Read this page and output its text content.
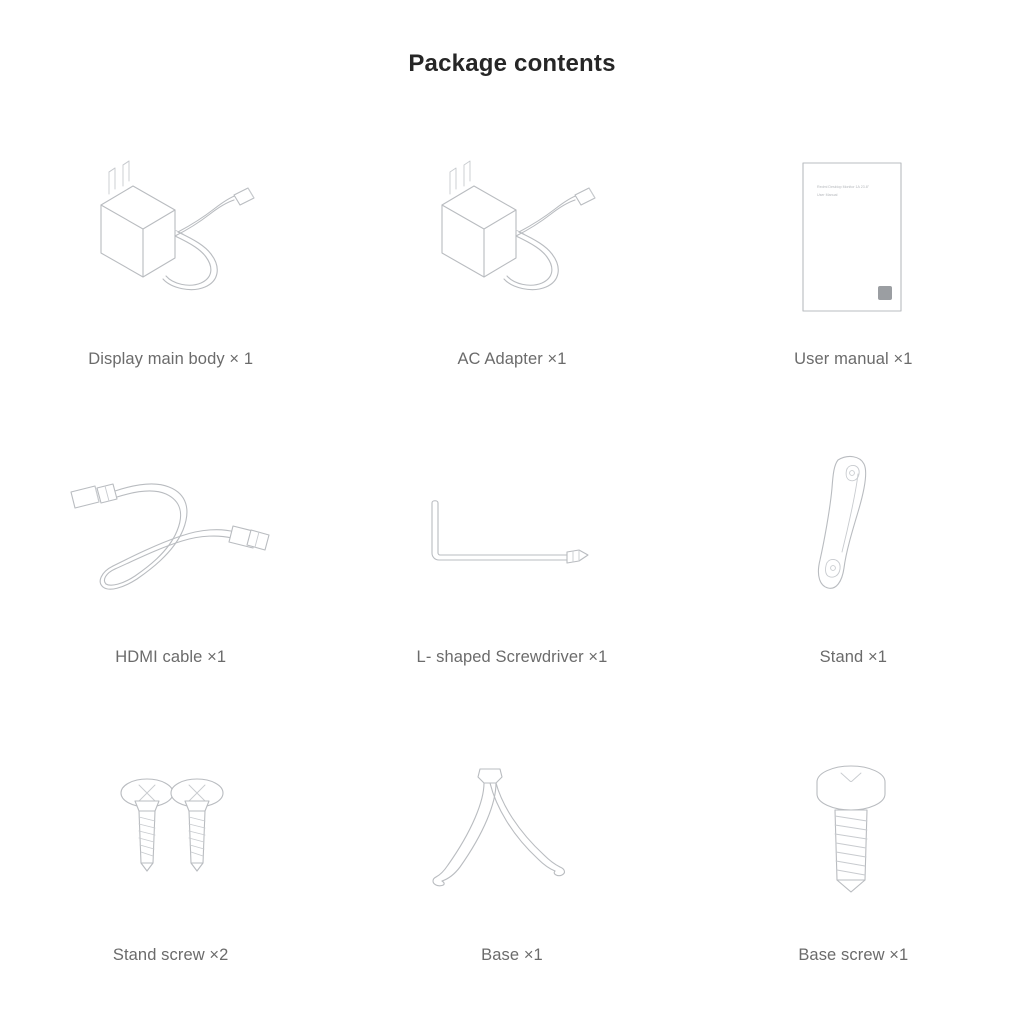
Package contents
Display main body × 1	AC Adapter ×1
Redmi Desktop Monitor 1A 23.8"
User Manual
User manual ×1
HDMI cable ×1	L- shaped Screwdriver ×1	Stand ×1
Stand screw ×2	Base ×1	Base screw ×1
